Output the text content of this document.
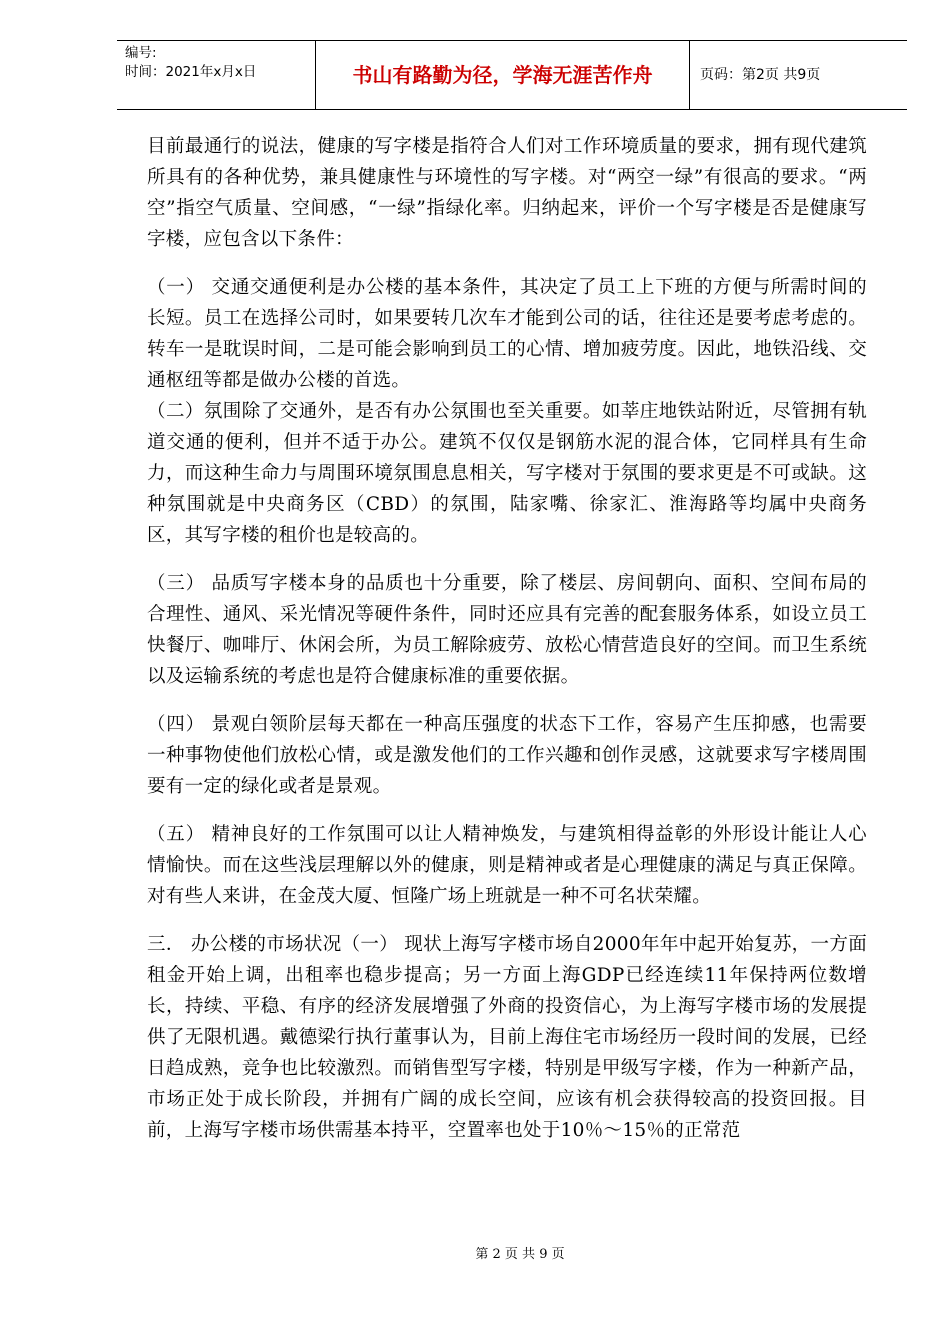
编号:
时间：2021年x月x日	书山有路勤为径，学海无涯苦作舟	页码：第2页 共9页

目前最通行的说法，健康的写字楼是指符合人们对工作环境质量的要求，拥有现代建筑所具有的各种优势，兼具健康性与环境性的写字楼。对“两空一绿”有很高的要求。“两空”指空气质量、空间感，“一绿”指绿化率。归纳起来，评价一个写字楼是否是健康写字楼，应包含以下条件：

（一） 交通交通便利是办公楼的基本条件，其决定了员工上下班的方便与所需时间的长短。员工在选择公司时，如果要转几次车才能到公司的话，往往还是要考虑考虑的。转车一是耽误时间，二是可能会影响到员工的心情、增加疲劳度。因此，地铁沿线、交通枢纽等都是做办公楼的首选。

（二）氛围除了交通外，是否有办公氛围也至关重要。如莘庄地铁站附近，尽管拥有轨道交通的便利，但并不适于办公。建筑不仅仅是钢筋水泥的混合体，它同样具有生命力，而这种生命力与周围环境氛围息息相关，写字楼对于氛围的要求更是不可或缺。这种氛围就是中央商务区（CBD）的氛围，陆家嘴、徐家汇、淮海路等均属中央商务区，其写字楼的租价也是较高的。

（三） 品质写字楼本身的品质也十分重要，除了楼层、房间朝向、面积、空间布局的合理性、通风、采光情况等硬件条件，同时还应具有完善的配套服务体系，如设立员工快餐厅、咖啡厅、休闲会所，为员工解除疲劳、放松心情营造良好的空间。而卫生系统以及运输系统的考虑也是符合健康标准的重要依据。

（四） 景观白领阶层每天都在一种高压强度的状态下工作，容易产生压抑感，也需要一种事物使他们放松心情，或是激发他们的工作兴趣和创作灵感，这就要求写字楼周围要有一定的绿化或者是景观。

（五） 精神良好的工作氛围可以让人精神焕发，与建筑相得益彰的外形设计能让人心情愉快。而在这些浅层理解以外的健康，则是精神或者是心理健康的满足与真正保障。对有些人来讲，在金茂大厦、恒隆广场上班就是一种不可名状荣耀。

三． 办公楼的市场状况（一） 现状上海写字楼市场自2000年年中起开始复苏，一方面租金开始上调，出租率也稳步提高；另一方面上海GDP已经连续11年保持两位数增长，持续、平稳、有序的经济发展增强了外商的投资信心，为上海写字楼市场的发展提供了无限机遇。戴德梁行执行董事认为，目前上海住宅市场经历一段时间的发展，已经日趋成熟，竞争也比较激烈。而销售型写字楼，特别是甲级写字楼，作为一种新产品，市场正处于成长阶段，并拥有广阔的成长空间，应该有机会获得较高的投资回报。目前，上海写字楼市场供需基本持平，空置率也处于10％～15％的正常范

第 2 页 共 9 页
